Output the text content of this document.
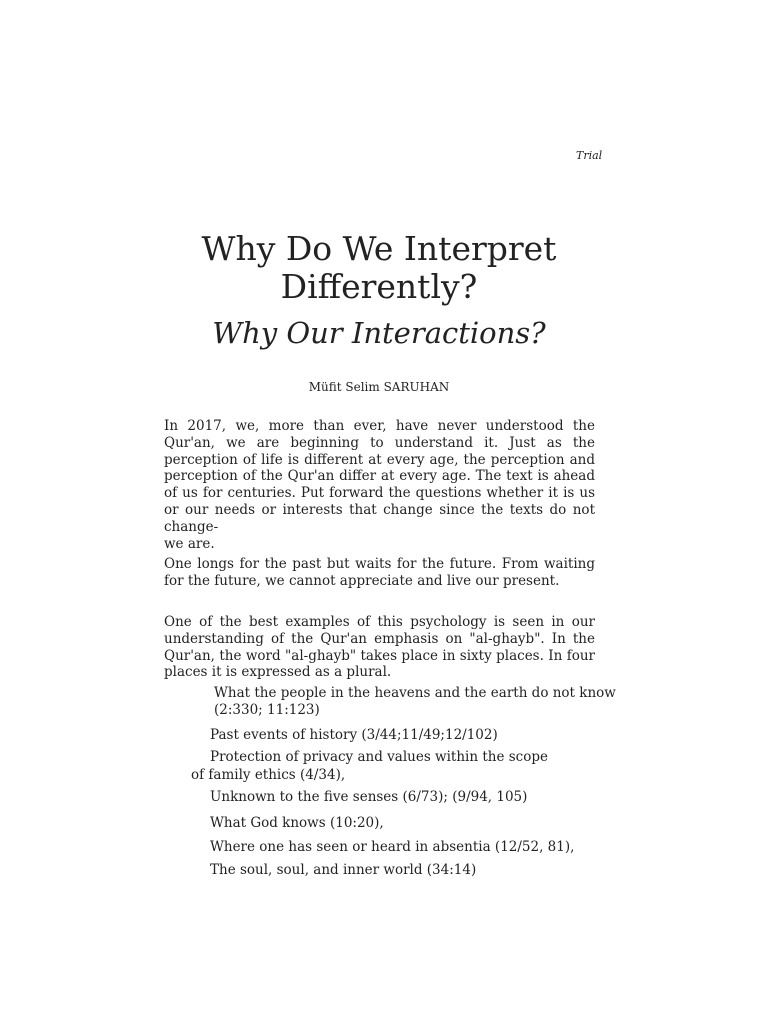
Trial
Why Do We Interpret Differently?
Why Our Interactions?
Müfit Selim SARUHAN

In 2017, we, more than ever, have never understood the Qur'an, we are beginning to understand it. Just as the perception of life is different at every age, the perception and perception of the Qur'an differ at every age. The text is ahead of us for centuries. Put forward the questions whether it is us or our needs or interests that change since the texts do not change-
we are.

One longs for the past but waits for the future. From waiting for the future, we cannot appreciate and live our present.

One of the best examples of this psychology is seen in our understanding of the Qur'an emphasis on "al-ghayb". In the Qur'an, the word "al-ghayb" takes place in sixty places. In four places it is expressed as a plural.

What the people in the heavens and the earth do not know
(2:330; 11:123)
Past events of history (3/44;11/49;12/102)
Protection of privacy and values within the scope
of family ethics (4/34),
Unknown to the five senses (6/73); (9/94, 105)
What God knows (10:20),
Where one has seen or heard in absentia (12/52, 81),
The soul, soul, and inner world (34:14)
